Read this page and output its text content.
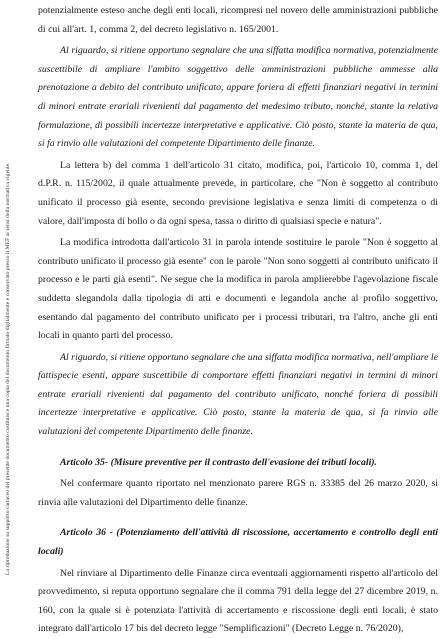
La riproduzione su supporto cartaceo del presente documento costituisce una copia del documento firmato digitalmente e conservato presso il MEF ai sensi della normativa vigente.

potenzialmente esteso anche degli enti locali, ricompresi nel novero delle amministrazioni pubbliche di cui all'art. 1, comma 2, del decreto legislativo n. 165/2001.

Al riguardo, si ritiene opportuno segnalare che una siffatta modifica normativa, potenzialmente suscettibile di ampliare l'ambito soggettivo delle amministrazioni pubbliche ammesse alla prenotazione a debito del contributo unificato, appare foriera di effetti finanziari negativi in termini di minori entrate erariali rivenienti dal pagamento del medesimo tributo, nonché, stante la relativa formulazione, di possibili incertezze interpretative e applicative. Ciò posto, stante la materia de qua, si fa rinvio alle valutazioni del competente Dipartimento delle finanze.

La lettera b) del comma 1 dell'articolo 31 citato, modifica, poi, l'articolo 10, comma 1, del d.P.R. n. 115/2002, il quale attualmente prevede, in particolare, che "Non è soggetto al contributo unificato il processo già esente, secondo previsione legislativa e senza limiti di competenza o di valore, dall'imposta di bollo o da ogni spesa, tassa o diritto di qualsiasi specie e natura".

La modifica introdotta dall'articolo 31 in parola intende sostituire le parole "Non è soggetto al contributo unificato il processo già esente" con le parole "Non sono soggetti al contributo unificato il processo e le parti già esenti". Ne segue che la modifica in parola amplierebbe l'agevolazione fiscale suddetta slegandola dalla tipologia di atti e documenti e legandola anche al profilo soggettivo, esentando dal pagamento del contributo unificato per i processi tributari, tra l'altro, anche gli enti locali in quanto parti del processo.

Al riguardo, si ritiene opportuno segnalare che una siffatta modifica normativa, nell'ampliare le fattispecie esenti, appare suscettibile di comportare effetti finanziari negativi in termini di minori entrate erariali rivenienti dal pagamento del contributo unificato, nonché foriera di possibili incertezze interpretative e applicative. Ciò posto, stante la materia de qua, si fa rinvio alle valutazioni del competente Dipartimento delle finanze.

Articolo 35- (Misure preventive per il contrasto dell'evasione dei tributi locali).

Nel confermare quanto riportato nel menzionato parere RGS n. 33385 del 26 marzo 2020, si rinvia alle valutazioni del Dipartimento delle finanze.

Articolo 36 - (Potenziamento dell'attività di riscossione, accertamento e controllo degli enti locali)

Nel rinviare al Dipartimento delle Finanze circa eventuali aggiornamenti rispetto all'articolo del provvedimento, si reputa opportuno segnalare che il comma 791 della legge del 27 dicembre 2019, n. 160, con la quale si è potenziata l'attività di accertamento e riscossione degli enti locali, è stato integrato dall'articolo 17 bis del decreto legge "Semplificazioni" (Decreto Legge n. 76/2020),
